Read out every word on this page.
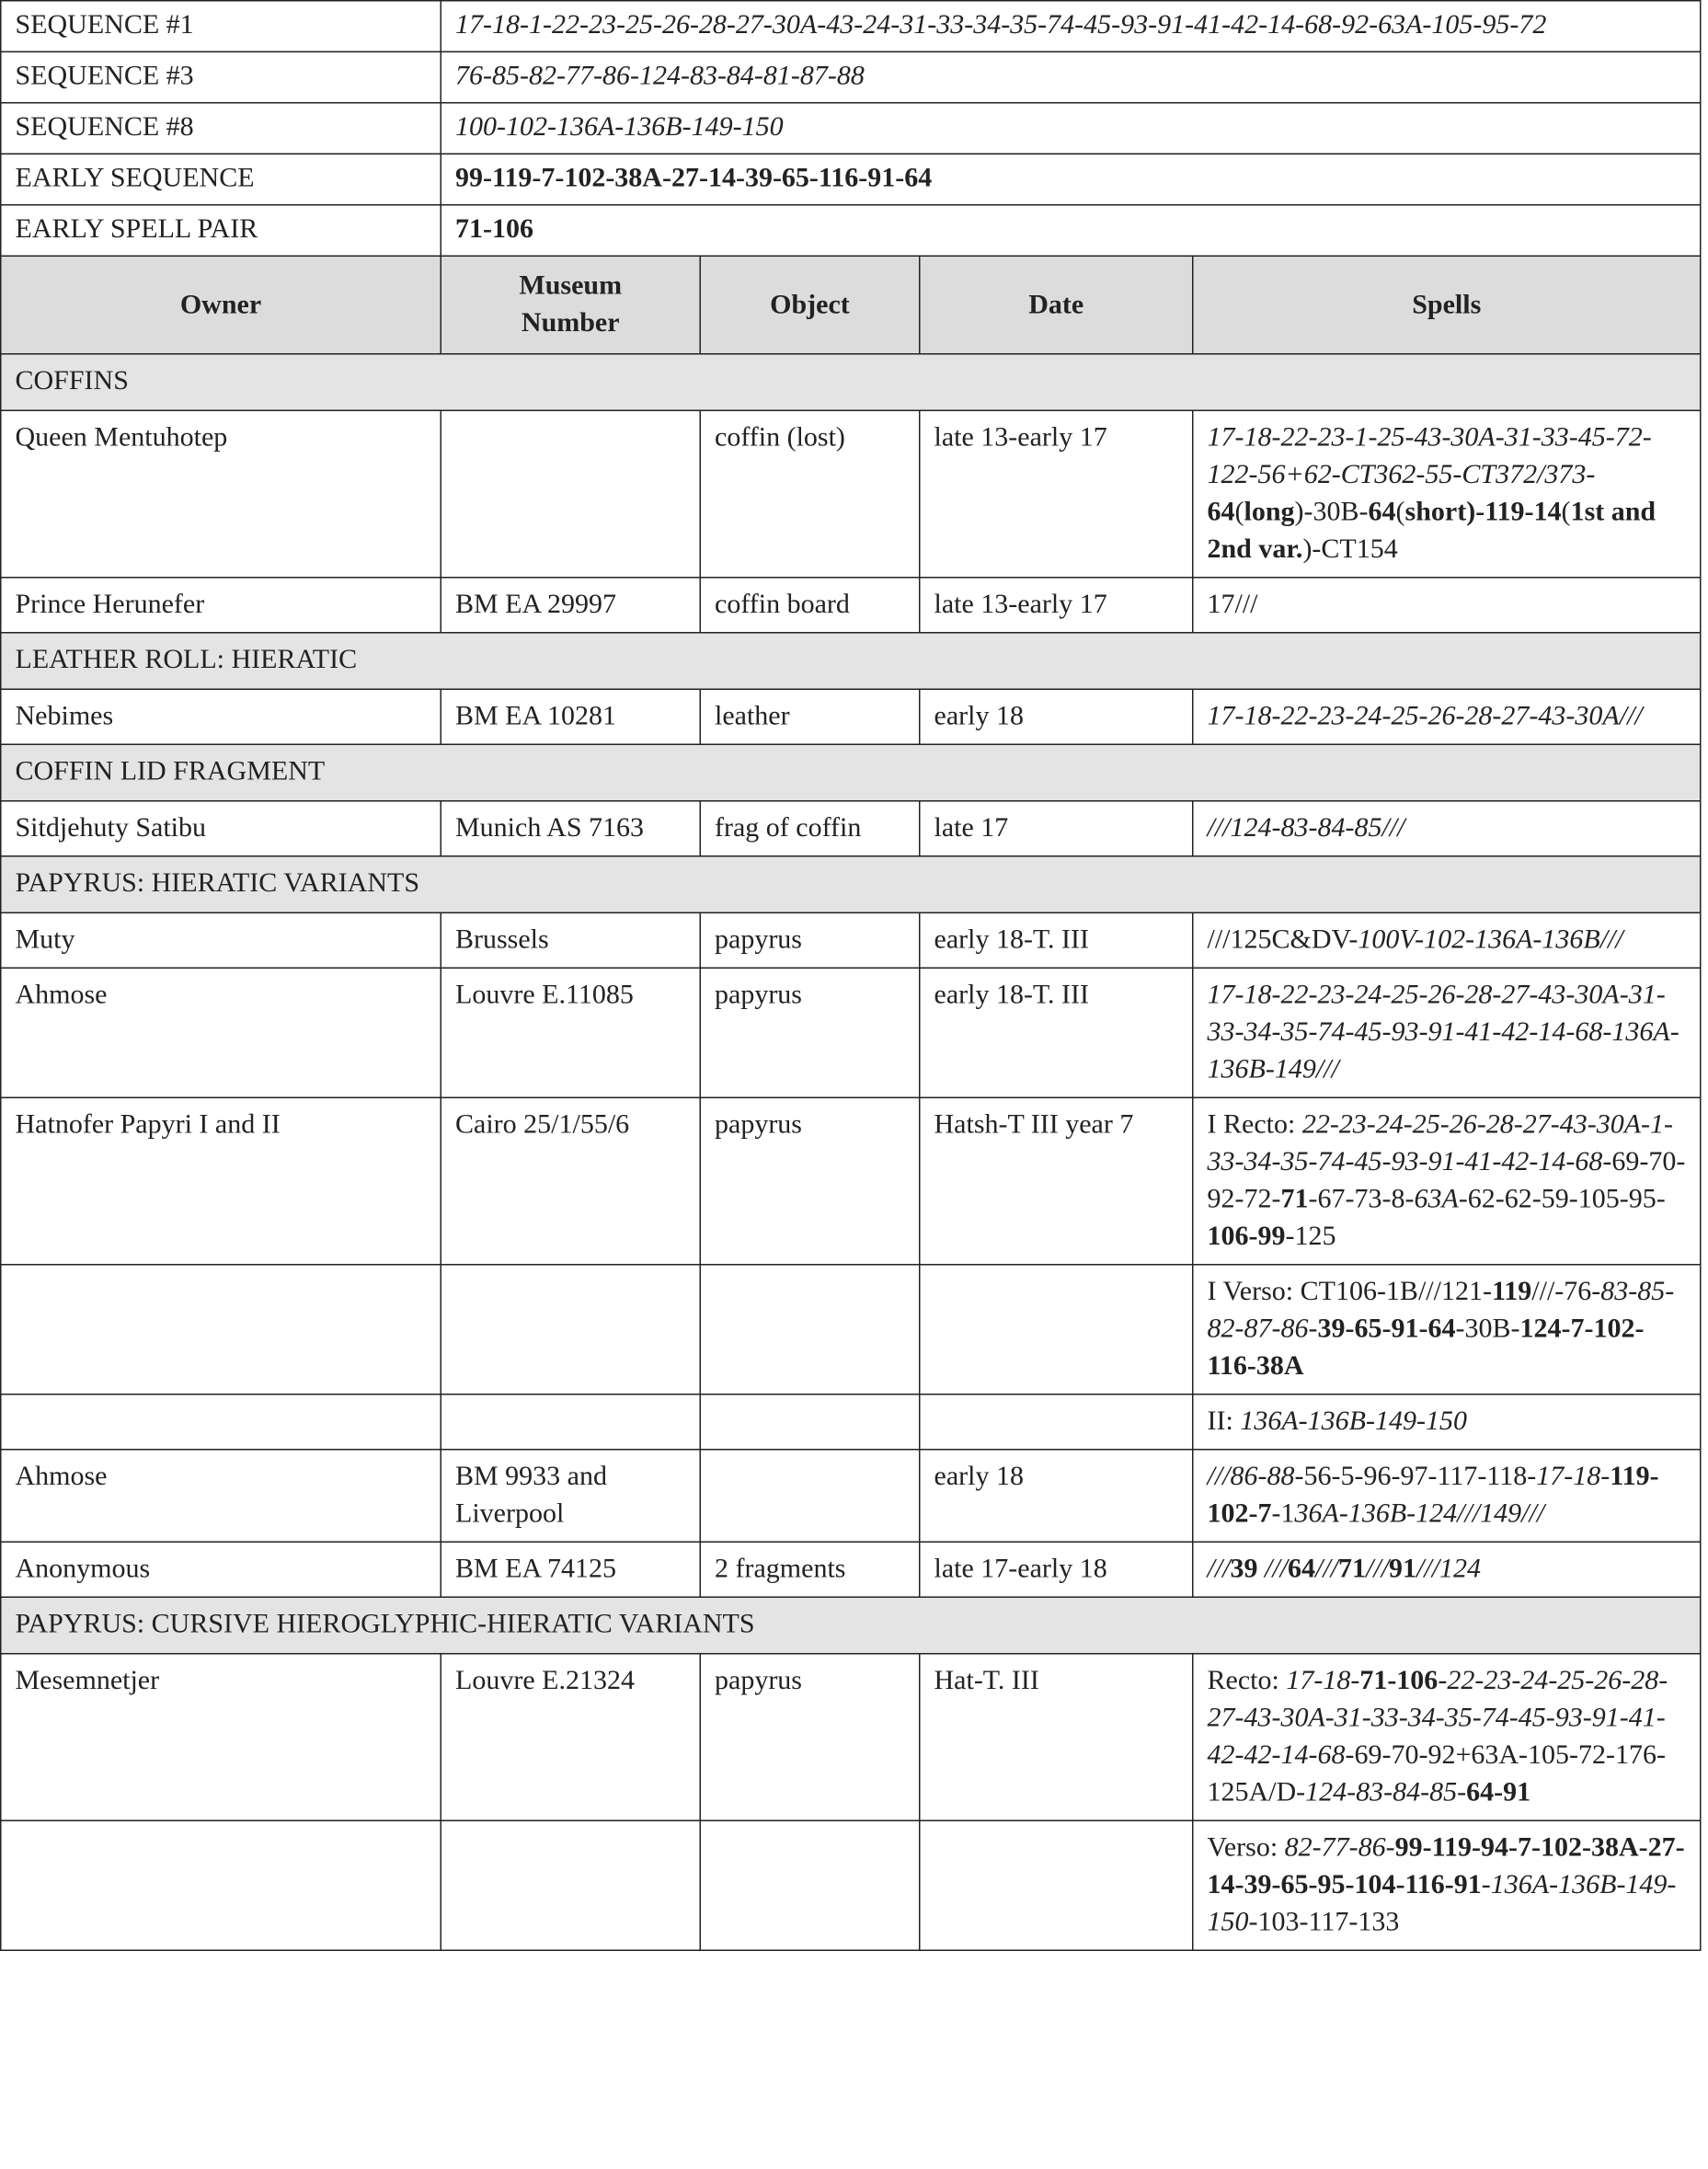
SEQUENCE #1	17-18-1-22-23-25-26-28-27-30A-43-24-31-33-34-35-74-45-93-91-41-42-14-68-92-63A-105-95-72			
SEQUENCE #3	76-85-82-77-86-124-83-84-81-87-88			
SEQUENCE #8	100-102-136A-136B-149-150			
EARLY SEQUENCE	99-119-7-102-38A-27-14-39-65-116-91-64			
EARLY SPELL PAIR	71-106			
Owner	Museum Number	Object	Date	Spells
COFFINS				
Queen Mentuhotep		coffin (lost)	late 13-early 17	17-18-22-23-1-25-43-30A-31-33-45-72-122-56+62-CT362-55-CT372/373-64(long)-30B-64(short)-119-14(1st and 2nd var.)-CT154
Prince Herunefer	BM EA 29997	coffin board	late 13-early 17	17///
LEATHER ROLL: HIERATIC				
Nebimes	BM EA 10281	leather	early 18	17-18-22-23-24-25-26-28-27-43-30A///
COFFIN LID FRAGMENT				
Sitdjehuty Satibu	Munich AS 7163	frag of coffin	late 17	///124-83-84-85///
PAPYRUS: HIERATIC VARIANTS				
Muty	Brussels	papyrus	early 18-T. III	///125C&DV-100V-102-136A-136B///
Ahmose	Louvre E.11085	papyrus	early 18-T. III	17-18-22-23-24-25-26-28-27-43-30A-31-33-34-35-74-45-93-91-41-42-14-68-136A-136B-149///
Hatnofer Papyri I and II	Cairo 25/1/55/6	papyrus	Hatsh-T III year 7	I Recto: 22-23-24-25-26-28-27-43-30A-1-33-34-35-74-45-93-91-41-42-14-68-69-70-92-72-71-67-73-8-63A-62-62-59-105-95-106-99-125
				I Verso: CT106-1B///121-119///-76-83-85-82-87-86-39-65-91-64-30B-124-7-102-116-38A
				II: 136A-136B-149-150
Ahmose	BM 9933 and Liverpool		early 18	///86-88-56-5-96-97-117-118-17-18-119-102-7-136A-136B-124///149///
Anonymous	BM EA 74125	2 fragments	late 17-early 18	///39 ///64///71///91///124
PAPYRUS: CURSIVE HIEROGLYPHIC-HIERATIC VARIANTS				
Mesemnetjer	Louvre E.21324	papyrus	Hat-T. III	Recto: 17-18-71-106-22-23-24-25-26-28-27-43-30A-31-33-34-35-74-45-93-91-41-42-42-14-68-69-70-92+63A-105-72-176-125A/D-124-83-84-85-64-91
				Verso: 82-77-86-99-119-94-7-102-38A-27-14-39-65-95-104-116-91-136A-136B-149-150-103-117-133
